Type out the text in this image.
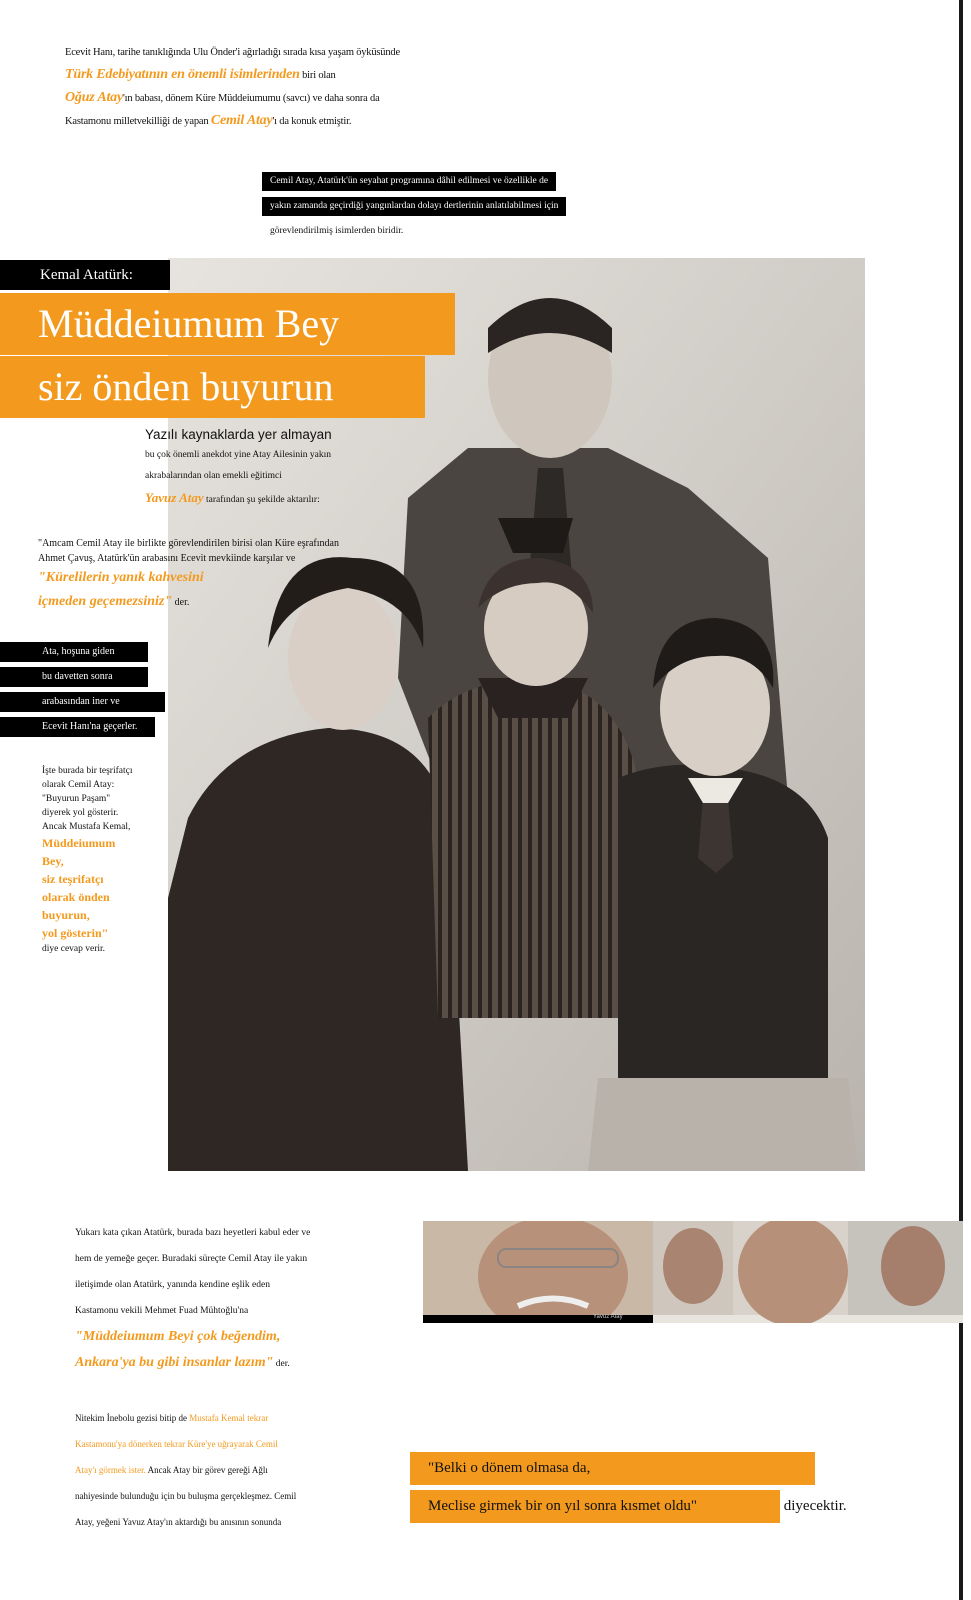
Ecevit Hanı, tarihe tanıklığında Ulu Önder'i ağırladığı sırada kısa yaşam öyküsünde
Türk Edebiyatının en önemli isimlerinden biri olan
Oğuz Atay'ın babası, dönem Küre Müddeiumumu (savcı) ve daha sonra da
Kastamonu milletvekilliği de yapan Cemil Atay'ı da konuk etmiştir.
Cemil Atay, Atatürk'ün seyahat programına dâhil edilmesi ve özellikle de
yakın zamanda geçirdiği yangınlardan dolayı dertlerinin anlatılabilmesi için
görevlendirilmiş isimlerden biridir.
Kemal Atatürk:
Müddeiumum Bey
siz önden buyurun
Yazılı kaynaklarda yer almayan
bu çok önemli anekdot yine Atay Ailesinin yakın
akrabalarından olan emekli eğitimci
Yavuz Atay tarafından şu şekilde aktarılır:
"Amcam Cemil Atay ile birlikte görevlendirilen birisi olan Küre eşrafından
Ahmet Çavuş, Atatürk'ün arabasını Ecevit mevkiinde karşılar ve
"Kürelilerin yanık kahvesini
içmeden geçemezsiniz" der.
Ata, hoşuna giden
bu davetten sonra
arabasından iner ve
Ecevit Hanı'na geçerler.
İşte burada bir teşrifatçı
olarak Cemil Atay:
"Buyurun Paşam"
diyerek yol gösterir.
Ancak Mustafa Kemal,
Müddeiumum
Bey,
siz teşrifatçı
olarak önden
buyurun,
yol gösterin"
diye cevap verir.
Yukarı kata çıkan Atatürk, burada bazı heyetleri kabul eder ve
hem de yemeğe geçer. Buradaki süreçte Cemil Atay ile yakın
iletişimde olan Atatürk, yanında kendine eşlik eden
Kastamonu vekili Mehmet Fuad Mühtoğlu'na
"Müddeiumum Beyi çok beğendim,
Ankara'ya bu gibi insanlar lazım" der.
Nitekim İnebolu gezisi bitip de Mustafa Kemal tekrar
Kastamonu'ya dönerken tekrar Küre'ye uğrayarak Cemil
Atay'ı görmek ister. Ancak Atay bir görev gereği Ağlı
nahiyesinde bulunduğu için bu buluşma gerçekleşmez. Cemil
Atay, yeğeni Yavuz Atay'ın aktardığı bu anısının sonunda
Yavuz Atay
"Belki o dönem olmasa da,
Meclise girmek bir on yıl sonra kısmet oldu"	diyecektir.
